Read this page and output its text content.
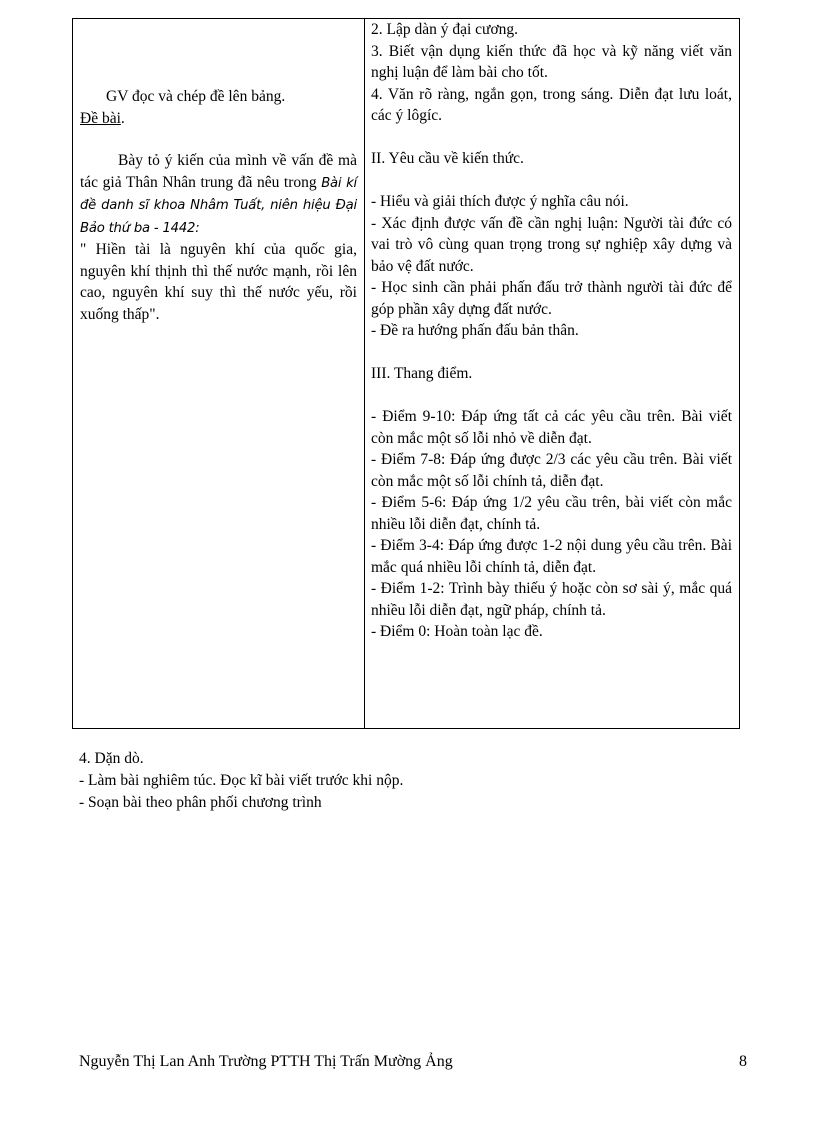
GV đọc và chép đề lên bảng.

Đề bài.

Bày tỏ ý kiến của mình về vấn đề mà tác giả Thân Nhân trung đã nêu trong Bài kí đề danh sĩ khoa Nhâm Tuất, niên hiệu Đại Bảo thứ ba - 1442:

" Hiền tài là nguyên khí của quốc gia, nguyên khí thịnh thì thế nước mạnh, rồi lên cao, nguyên khí suy thì thế nước yếu, rồi xuống thấp".

2. Lập dàn ý đại cương.

3. Biết vận dụng kiến thức đã học và kỹ năng viết văn nghị luận để làm bài cho tốt.

4. Văn rõ ràng, ngắn gọn, trong sáng. Diễn đạt lưu loát, các ý lôgíc.

II. Yêu cầu về kiến thức.

- Hiểu và giải thích được ý nghĩa câu nói.

- Xác định được vấn đề cần nghị luận: Người tài đức có vai trò vô cùng quan trọng trong sự nghiệp xây dựng và bảo vệ đất nước.

- Học sinh cần phải phấn đấu trở thành người tài đức để góp phần xây dựng đất nước.

- Đề ra hướng phấn đấu bản thân.

III. Thang điểm.

- Điểm 9-10: Đáp ứng tất cả các yêu cầu trên. Bài viết còn mắc một số lỗi nhỏ về diễn đạt.

- Điểm 7-8: Đáp ứng được 2/3 các yêu cầu trên. Bài viết còn mắc một số lỗi chính tả, diễn đạt.

- Điểm 5-6: Đáp ứng 1/2 yêu cầu trên, bài viết còn mắc nhiều lỗi diễn đạt, chính tả.

- Điểm 3-4: Đáp ứng được 1-2 nội dung yêu cầu trên. Bài mắc quá nhiều lỗi chính tả, diễn đạt.

- Điểm 1-2: Trình bày thiếu ý hoặc còn sơ sài ý, mắc quá nhiều lỗi diễn đạt, ngữ pháp, chính tả.

- Điểm 0: Hoàn toàn lạc đề.

4. Dặn dò.

- Làm bài nghiêm túc. Đọc kĩ bài viết trước khi nộp.

- Soạn bài theo phân phối chương trình

Nguyễn Thị Lan Anh Trường PTTH Thị Trấn Mường Ảng	8
